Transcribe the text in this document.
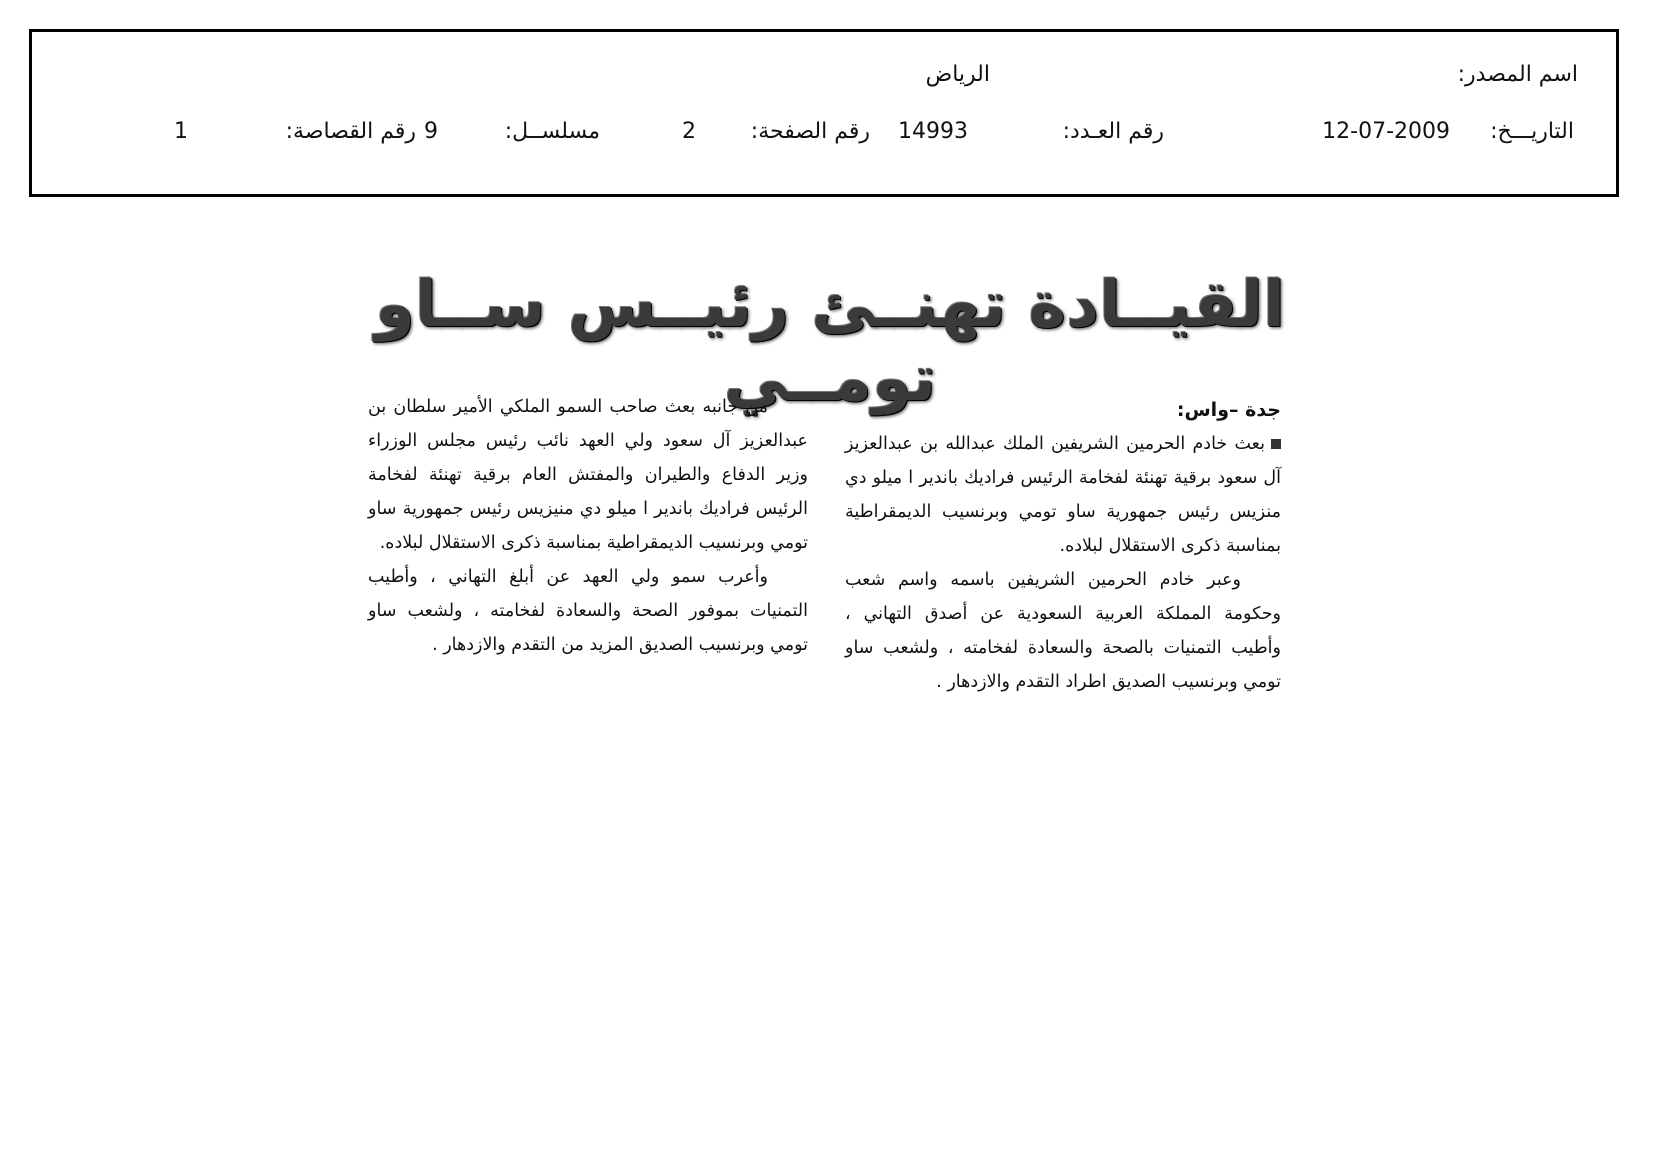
اسم المصدر:
الرياض
التاريـــخ:
12-07-2009
رقم العـدد:
14993
رقم الصفحة:
2
مسلســل:
9
رقم القصاصة:
1
القيــادة تهنــئ رئيــس ســاو تومــي	جدة –واس:
بعث خادم الحرمين الشريفين الملك عبدالله بن عبدالعزيز آل سعود برقية تهنئة لفخامة الرئيس فراديك باندير ا ميلو دي منزيس رئيس جمهورية ساو تومي وبرنسيب الديمقراطية بمناسبة ذكرى الاستقلال لبلاده.
وعبر خادم الحرمين الشريفين باسمه واسم شعب وحكومة المملكة العربية السعودية عن أصدق التهاني ، وأطيب التمنيات بالصحة والسعادة لفخامته ، ولشعب ساو تومي وبرنسيب الصديق اطراد التقدم والازدهار .
من جانبه بعث صاحب السمو الملكي الأمير سلطان بن عبدالعزيز آل سعود ولي العهد نائب رئيس مجلس الوزراء وزير الدفاع والطيران والمفتش العام برقية تهنئة لفخامة الرئيس فراديك باندير ا ميلو دي منيزيس رئيس جمهورية ساو تومي وبرنسيب الديمقراطية بمناسبة ذكرى الاستقلال لبلاده.
وأعرب سمو ولي العهد عن أبلغ التهاني ، وأطيب التمنيات بموفور الصحة والسعادة لفخامته ، ولشعب ساو تومي وبرنسيب الصديق المزيد من التقدم والازدهار .
